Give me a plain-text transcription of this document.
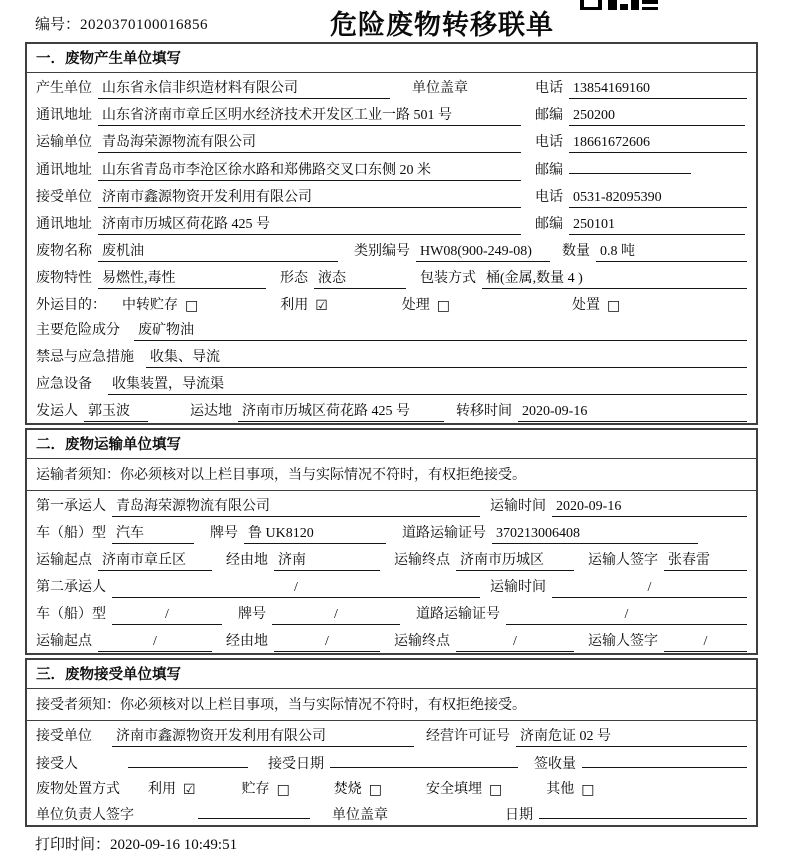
编号：2020370100016856	危险废物转移联单
一．废物产生单位填写
产生单位 山东省永信非织造材料有限公司	单位盖章	电话 13854169160
通讯地址 山东省济南市章丘区明水经济技术开发区工业一路 501 号	邮编 250200
运输单位 青岛海荣源物流有限公司	电话 18661672606
通讯地址 山东省青岛市李沧区徐水路和郑佛路交叉口东侧 20 米	邮编
接受单位 济南市鑫源物资开发利用有限公司	电话 0531-82095390
通讯地址 济南市历城区荷花路 425 号	邮编 250101
废物名称 废机油	类别编号 HW08(900-249-08)	数量 0.8 吨
废物特性 易燃性,毒性	形态 液态	包装方式 桶(金属,数量 4 )
外运目的： 中转贮存 □	利用 ☑	处理 □	处置 □
主要危险成分 废矿物油
禁忌与应急措施 收集、导流
应急设备 收集装置，导流渠
发运人 郭玉波	运达地 济南市历城区荷花路 425 号	转移时间 2020-09-16
二．废物运输单位填写
运输者须知：你必须核对以上栏目事项，当与实际情况不符时，有权拒绝接受。
第一承运人 青岛海荣源物流有限公司	运输时间 2020-09-16
车（船）型 汽车	牌号 鲁 UK8120	道路运输证号 370213006408
运输起点 济南市章丘区	经由地 济南	运输终点 济南市历城区	运输人签字 张春雷
第二承运人	/	运输时间	/
车（船）型	/	牌号	/	道路运输证号	/
运输起点	/	经由地	/	运输终点	/	运输人签字	/
三．废物接受单位填写
接受者须知：你必须核对以上栏目事项，当与实际情况不符时，有权拒绝接受。
接受单位 济南市鑫源物资开发利用有限公司	经营许可证号 济南危证 02 号
接受人	接受日期	签收量
废物处置方式 利用 ☑	贮存 □	焚烧 □	安全填埋 □	其他 □
单位负责人签字	单位盖章	日期
打印时间：2020-09-16 10:49:51
